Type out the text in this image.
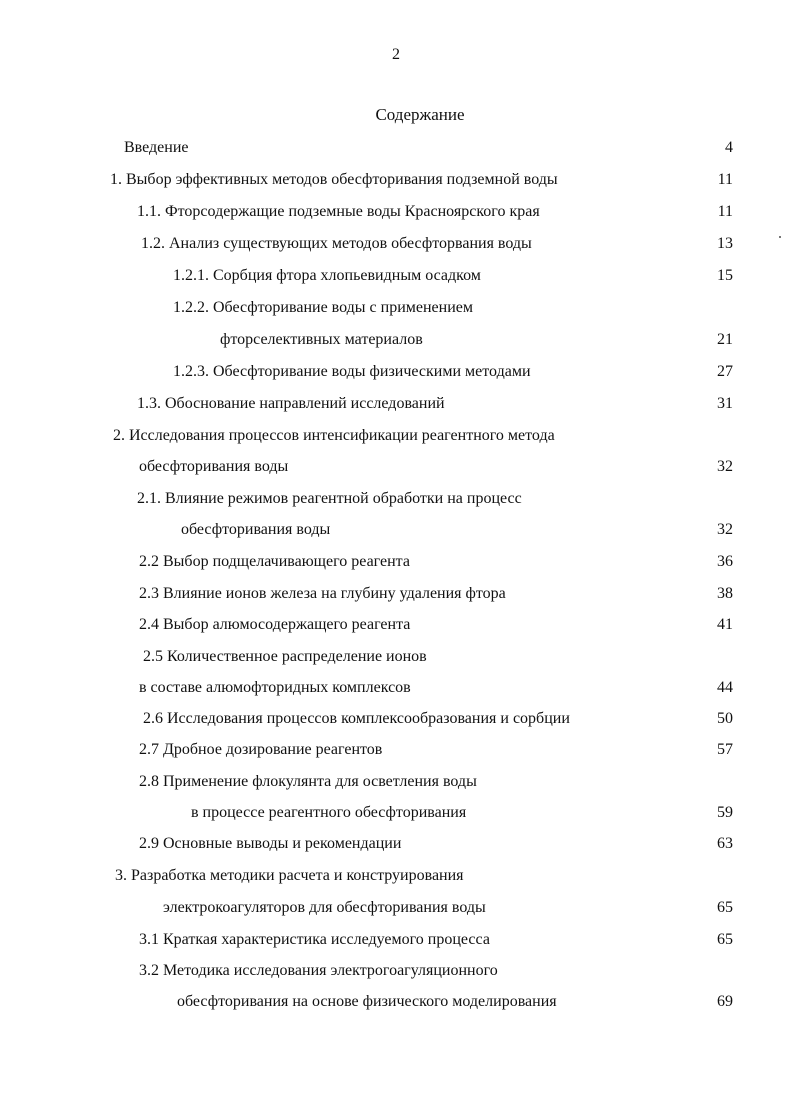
2
Содержание
Введение	4
1. Выбор эффективных методов обесфторивания подземной воды	11
1.1. Фторсодержащие подземные воды Красноярского края	11
1.2. Анализ существующих методов обесфторвания воды	13
1.2.1. Сорбция фтора хлопьевидным осадком	15
1.2.2. Обесфторивание воды с применением
фторселективных материалов	21
1.2.3. Обесфторивание воды физическими методами	27
1.3. Обоснование направлений исследований	31
2. Исследования процессов интенсификации реагентного метода
обесфторивания воды	32
2.1. Влияние режимов реагентной обработки на процесс
обесфторивания воды	32
2.2 Выбор подщелачивающего реагента	36
2.3 Влияние ионов железа на глубину удаления фтора	38
2.4 Выбор алюмосодержащего реагента	41
2.5 Количественное распределение ионов
в составе алюмофторидных комплексов	44
2.6 Исследования процессов комплексообразования и сорбции	50
2.7 Дробное дозирование реагентов	57
2.8 Применение флокулянта для осветления воды
в процессе реагентного обесфторивания	59
2.9 Основные выводы и рекомендации	63
3. Разработка методики расчета и конструирования
электрокоагуляторов для обесфторивания воды	65
3.1 Краткая характеристика исследуемого процесса	65
3.2 Методика исследования электрогоагуляционного
обесфторивания на основе физического моделирования	69
